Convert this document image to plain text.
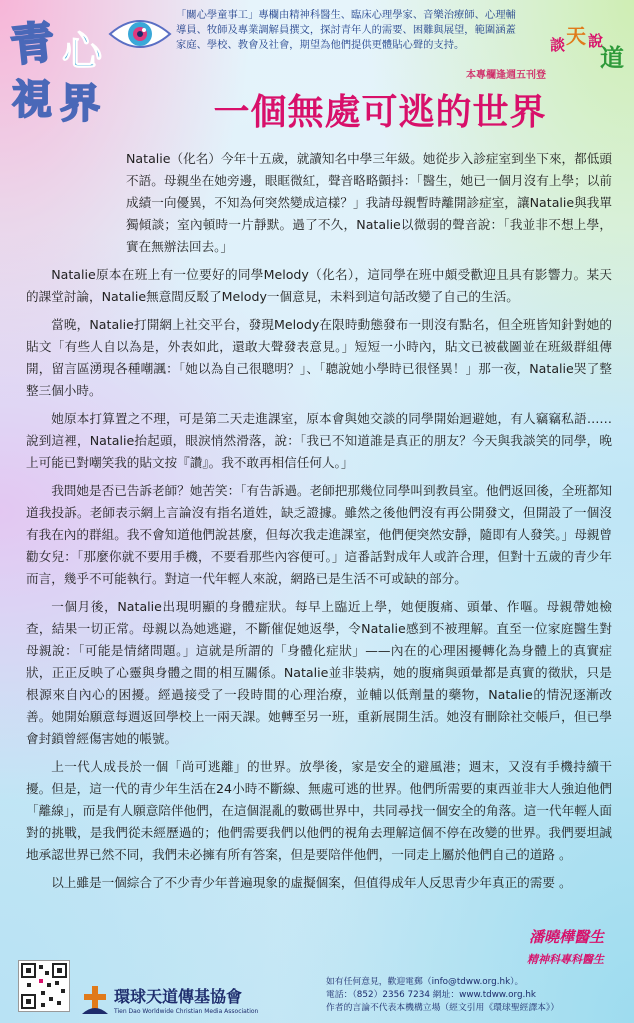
青 心
視 界
「關心學童事工」專欄由精神科醫生、臨床心理學家、音樂治療師、心理輔導員、牧師及專業調解員撰文，探討青年人的需要、困難與展望，範圍涵蓋家庭、學校、教會及社會，期望為他們提供更體貼心聲的支持。
本專欄逢週五刊登
談 天 說
道
一個無處可逃的世界

Natalie（化名）今年十五歲，就讀知名中學三年級。她從步入診症室到坐下來，都低頭不語。母親坐在她旁邊，眼眶微紅，聲音略略顫抖：「醫生，她已一個月沒有上學；以前成績一向優異，不知為何突然變成這樣？」我請母親暫時離開診症室，讓Natalie與我單獨傾談；室內頓時一片靜默。過了不久，Natalie以微弱的聲音說：「我並非不想上學，實在無辦法回去。」

Natalie原本在班上有一位要好的同學Melody（化名），這同學在班中頗受歡迎且具有影響力。某天的課堂討論，Natalie無意間反駁了Melody一個意見，未料到這句話改變了自己的生活。

當晚，Natalie打開網上社交平台，發現Melody在限時動態發布一則沒有點名，但全班皆知針對她的貼文「有些人自以為是，外表如此，還敢大聲發表意見。」短短一小時內，貼文已被截圖並在班級群組傳開，留言區湧現各種嘲諷：「她以為自己很聰明？」、「聽說她小學時已很怪異！」那一夜，Natalie哭了整整三個小時。

她原本打算置之不理，可是第二天走進課室，原本會與她交談的同學開始迴避她，有人竊竊私語……說到這裡，Natalie抬起頭，眼淚悄然滑落，說：「我已不知道誰是真正的朋友？今天與我談笑的同學，晚上可能已對嘲笑我的貼文按『讚』。我不敢再相信任何人。」

我問她是否已告訴老師？她苦笑：「有告訴過。老師把那幾位同學叫到教員室。他們返回後，全班都知道我投訴。老師表示網上言論沒有指名道姓，缺乏證據。雖然之後他們沒有再公開發文，但開設了一個沒有我在內的群組。我不會知道他們說甚麼，但每次我走進課室，他們便突然安靜，隨即有人發笑。」母親曾勸女兒：「那麼你就不要用手機，不要看那些內容便可。」這番話對成年人或許合理，但對十五歲的青少年而言，幾乎不可能執行。對這一代年輕人來說，網路已是生活不可或缺的部分。

一個月後，Natalie出現明顯的身體症狀。每早上臨近上學，她便腹痛、頭暈、作嘔。母親帶她檢查，結果一切正常。母親以為她逃避，不斷催促她返學，令Natalie感到不被理解。直至一位家庭醫生對母親說：「可能是情緒問題。」這就是所謂的「身體化症狀」——內在的心理困擾轉化為身體上的真實症狀，正正反映了心靈與身體之間的相互關係。Natalie並非裝病，她的腹痛與頭暈都是真實的徵狀，只是根源來自內心的困擾。經過接受了一段時間的心理治療，並輔以低劑量的藥物，Natalie的情況逐漸改善。她開始願意每週返回學校上一兩天課。她轉至另一班，重新展開生活。她沒有刪除社交帳戶，但已學會封鎖曾經傷害她的帳號。

上一代人成長於一個「尚可逃離」的世界。放學後，家是安全的避風港；週末，又沒有手機持續干擾。但是，這一代的青少年生活在24小時不斷線、無處可逃的世界。他們所需要的東西並非大人強迫他們「離線」，而是有人願意陪伴他們，在這個混亂的數碼世界中，共同尋找一個安全的角落。這一代年輕人面對的挑戰，是我們從未經歷過的；他們需要我們以他們的視角去理解這個不停在改變的世界。我們要坦誠地承認世界已然不同，我們未必擁有所有答案，但是要陪伴他們，一同走上屬於他們自己的道路 。

以上雖是一個綜合了不少青少年普遍現象的虛擬個案，但值得成年人反思青少年真正的需要 。

潘曉樺醫生
精神科專科醫生
環球天道傳基協會
Tien Dao Worldwide Christian Media Association
如有任何意見，歡迎電郵（info@tdww.org.hk）。
電話：（852）2356 7234 網址：www.tdww.org.hk
作者的言論不代表本機構立場（經文引用《環球聖經譯本》）
